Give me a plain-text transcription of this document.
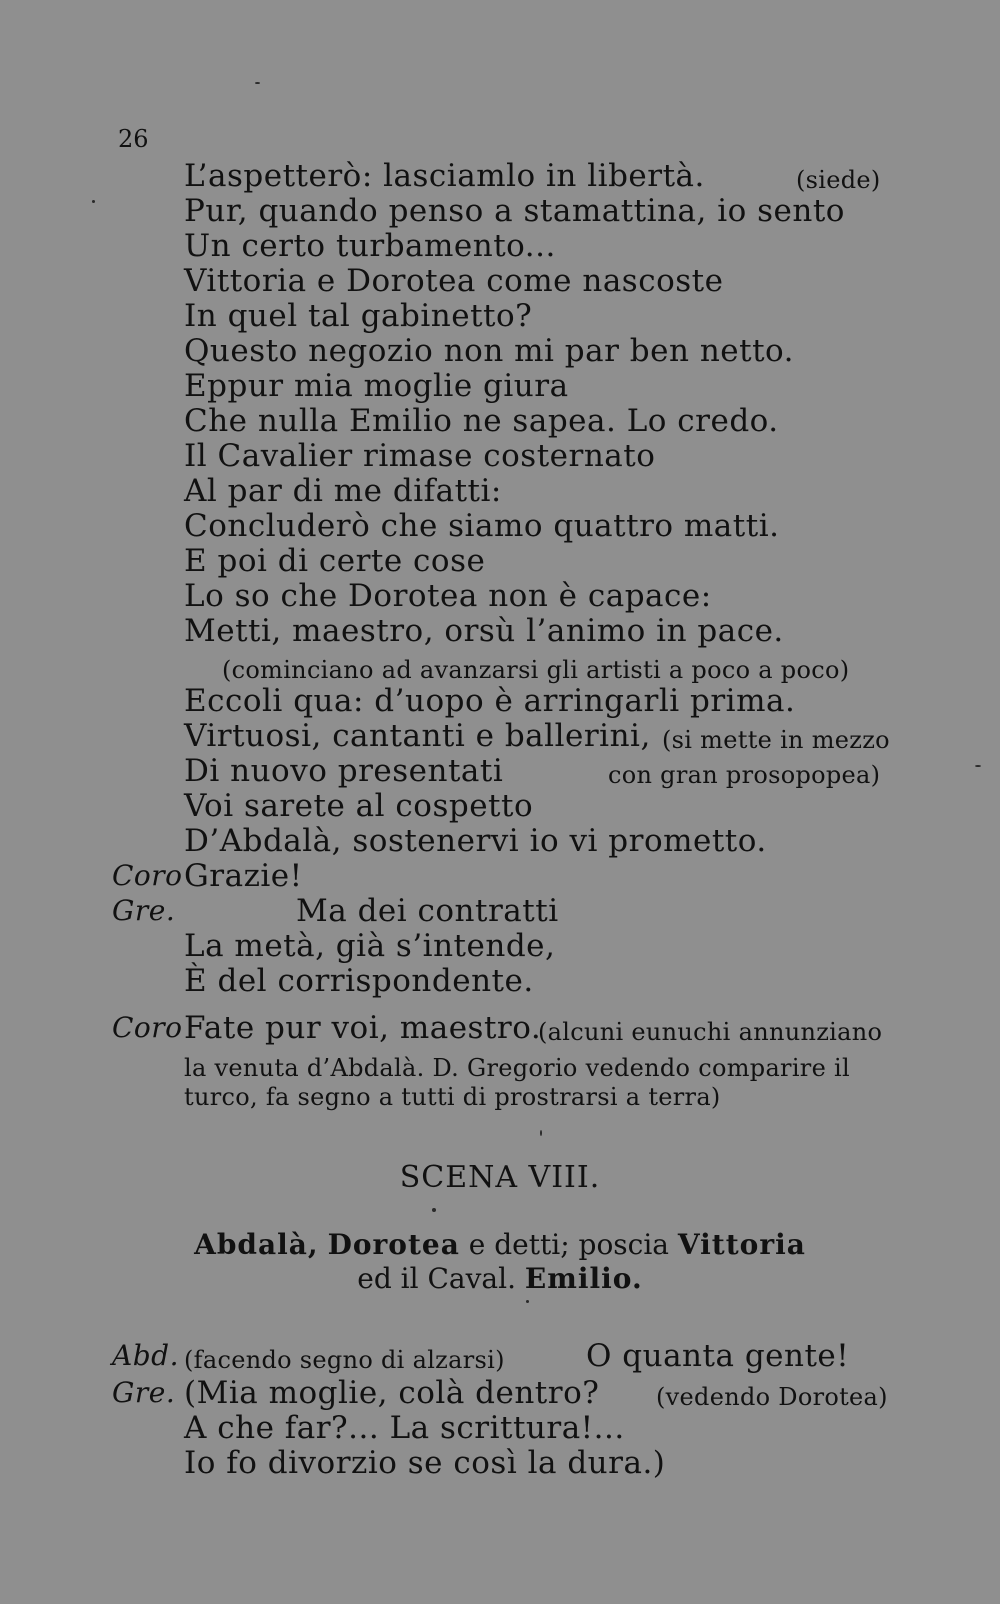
26
L’aspetterò: lasciamlo in libertà.	(siede)
Pur, quando penso a stamattina, io sento
Un certo turbamento...
Vittoria e Dorotea come nascoste
In quel tal gabinetto?
Questo negozio non mi par ben netto.
Eppur mia moglie giura
Che nulla Emilio ne sapea. Lo credo.
Il Cavalier rimase costernato
Al par di me difatti:
Concluderò che siamo quattro matti.
E poi di certe cose
Lo so che Dorotea non è capace:
Metti, maestro, orsù l’animo in pace.
(cominciano ad avanzarsi gli artisti a poco a poco)
Eccoli qua: d’uopo è arringarli prima.
Virtuosi, cantanti e ballerini, (si mette in mezzo
Di nuovo presentati	con gran prosopopea)
Voi sarete al cospetto
D’Abdalà, sostenervi io vi prometto.
Coro Grazie!
Gre.	Ma dei contratti
La metà, già s’intende,
È del corrispondente.
Coro Fate pur voi, maestro.
(alcuni eunuchi annunziano
la venuta d’Abdalà. D. Gregorio vedendo comparire il
turco, fa segno a tutti di prostrarsi a terra)
SCENA VIII.
Abdalà, Dorotea e detti; poscia Vittoria
ed il Caval. Emilio.
Abd. (facendo segno di alzarsi)	O quanta gente!
Gre. (Mia moglie, colà dentro? (vedendo Dorotea)
A che far?... La scrittura!...
Io fo divorzio se così la dura.)
